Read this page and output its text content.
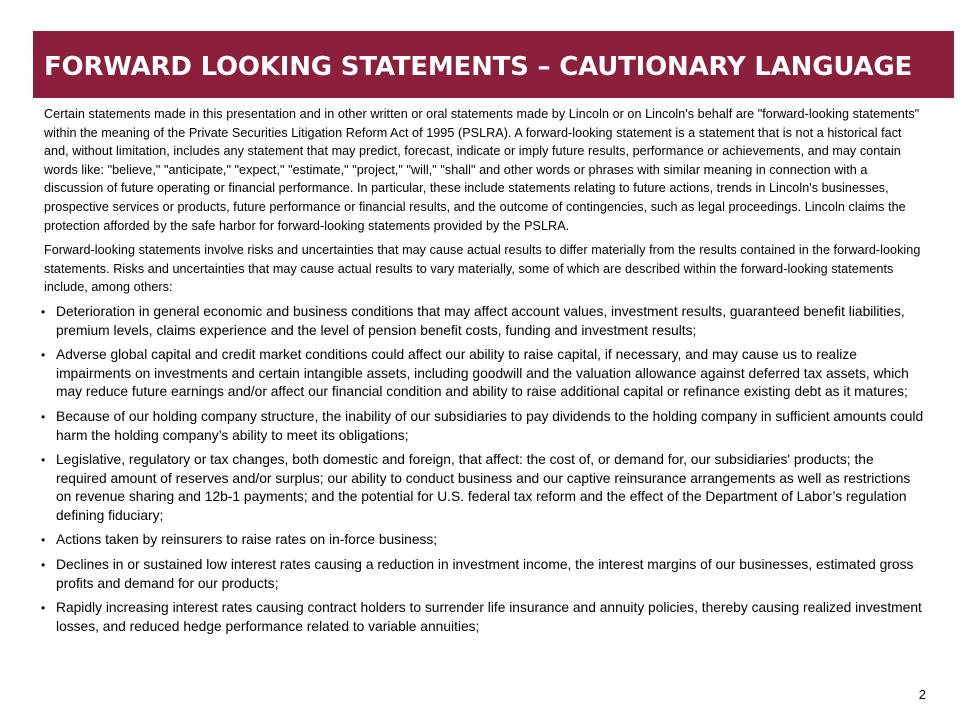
FORWARD LOOKING STATEMENTS – CAUTIONARY LANGUAGE

Certain statements made in this presentation and in other written or oral statements made by Lincoln or on Lincoln's behalf are "forward-looking statements" within the meaning of the Private Securities Litigation Reform Act of 1995 (PSLRA). A forward-looking statement is a statement that is not a historical fact and, without limitation, includes any statement that may predict, forecast, indicate or imply future results, performance or achievements, and may contain words like: "believe," "anticipate," "expect," "estimate," "project," "will," "shall" and other words or phrases with similar meaning in connection with a discussion of future operating or financial performance. In particular, these include statements relating to future actions, trends in Lincoln's businesses, prospective services or products, future performance or financial results, and the outcome of contingencies, such as legal proceedings. Lincoln claims the protection afforded by the safe harbor for forward-looking statements provided by the PSLRA.

Forward-looking statements involve risks and uncertainties that may cause actual results to differ materially from the results contained in the forward-looking statements. Risks and uncertainties that may cause actual results to vary materially, some of which are described within the forward-looking statements include, among others:

• Deterioration in general economic and business conditions that may affect account values, investment results, guaranteed benefit liabilities, premium levels, claims experience and the level of pension benefit costs, funding and investment results;
• Adverse global capital and credit market conditions could affect our ability to raise capital, if necessary, and may cause us to realize impairments on investments and certain intangible assets, including goodwill and the valuation allowance against deferred tax assets, which may reduce future earnings and/or affect our financial condition and ability to raise additional capital or refinance existing debt as it matures;
• Because of our holding company structure, the inability of our subsidiaries to pay dividends to the holding company in sufficient amounts could harm the holding company’s ability to meet its obligations;
• Legislative, regulatory or tax changes, both domestic and foreign, that affect: the cost of, or demand for, our subsidiaries' products; the required amount of reserves and/or surplus; our ability to conduct business and our captive reinsurance arrangements as well as restrictions on revenue sharing and 12b-1 payments; and the potential for U.S. federal tax reform and the effect of the Department of Labor’s regulation defining fiduciary;
• Actions taken by reinsurers to raise rates on in-force business;
• Declines in or sustained low interest rates causing a reduction in investment income, the interest margins of our businesses, estimated gross profits and demand for our products;
• Rapidly increasing interest rates causing contract holders to surrender life insurance and annuity policies, thereby causing realized investment losses, and reduced hedge performance related to variable annuities;
2
